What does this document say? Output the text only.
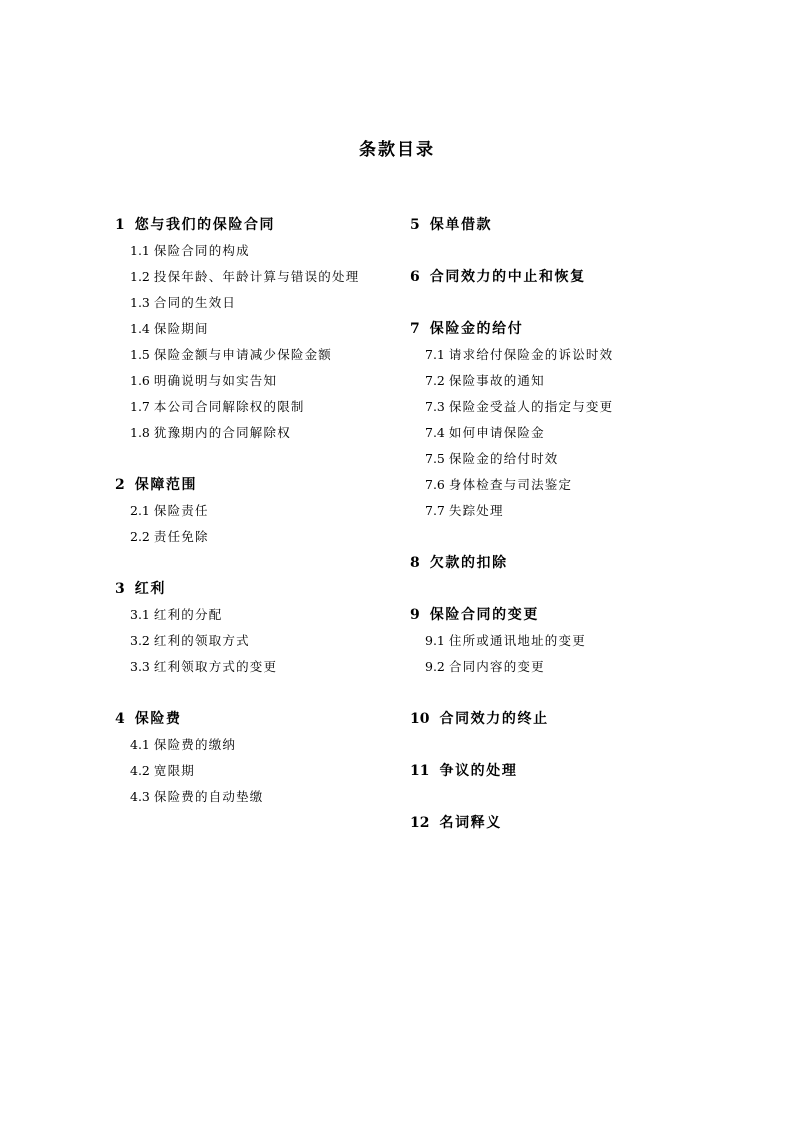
条款目录
1 您与我们的保险合同
1.1 保险合同的构成
1.2 投保年龄、年龄计算与错误的处理
1.3 合同的生效日
1.4 保险期间
1.5 保险金额与申请减少保险金额
1.6 明确说明与如实告知
1.7 本公司合同解除权的限制
1.8 犹豫期内的合同解除权
2 保障范围
2.1 保险责任
2.2 责任免除
3 红利
3.1 红利的分配
3.2 红利的领取方式
3.3 红利领取方式的变更
4 保险费
4.1 保险费的缴纳
4.2 宽限期
4.3 保险费的自动垫缴
5 保单借款
6 合同效力的中止和恢复
7 保险金的给付
7.1 请求给付保险金的诉讼时效
7.2 保险事故的通知
7.3 保险金受益人的指定与变更
7.4 如何申请保险金
7.5 保险金的给付时效
7.6 身体检查与司法鉴定
7.7 失踪处理
8 欠款的扣除
9 保险合同的变更
9.1 住所或通讯地址的变更
9.2 合同内容的变更
10 合同效力的终止
11 争议的处理
12 名词释义
